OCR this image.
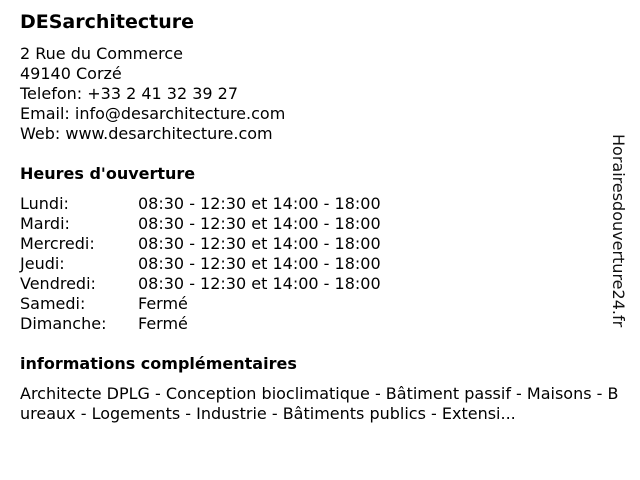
DESarchitecture
2 Rue du Commerce
49140 Corzé
Telefon: +33 2 41 32 39 27
Email: info@desarchitecture.com
Web: www.desarchitecture.com
Heures d'ouverture
Lundi:	08:30 - 12:30 et 14:00 - 18:00
Mardi:	08:30 - 12:30 et 14:00 - 18:00
Mercredi:	08:30 - 12:30 et 14:00 - 18:00
Jeudi:	08:30 - 12:30 et 14:00 - 18:00
Vendredi:	08:30 - 12:30 et 14:00 - 18:00
Samedi:	Fermé
Dimanche: Fermé
informations complémentaires
Architecte DPLG - Conception bioclimatique - Bâtiment passif - Maisons - Bureaux - Logements - Industrie - Bâtiments publics - Extensi...
Horairesdouverture24.fr
